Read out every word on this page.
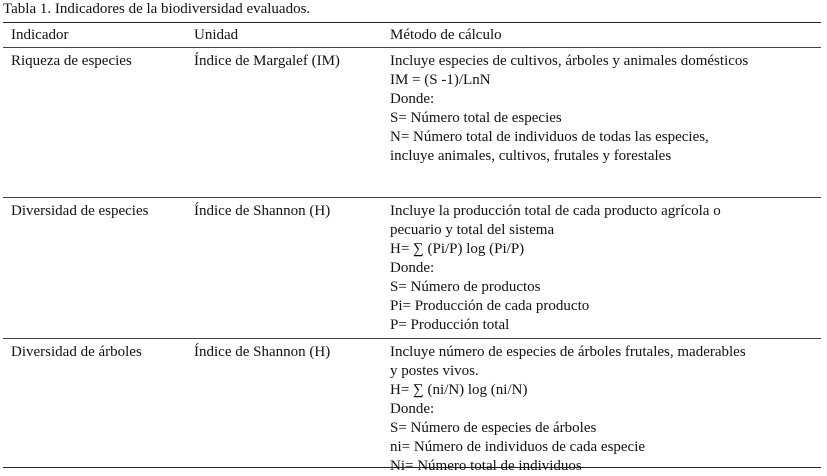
Tabla 1. Indicadores de la biodiversidad evaluados.
Indicador	Unidad	Método de cálculo
Riqueza de especies	Índice de Margalef (IM)	Incluye especies de cultivos, árboles y animales domésticos
IM = (S -1)/LnN
Donde:
S= Número total de especies
N= Número total de individuos de todas las especies,
incluye animales, cultivos, frutales y forestales
Diversidad de especies	Índice de Shannon (H)	Incluye la producción total de cada producto agrícola o
pecuario y total del sistema
H= ∑ (Pi/P) log (Pi/P)
Donde:
S= Número de productos
Pi= Producción de cada producto
P= Producción total
Diversidad de árboles	Índice de Shannon (H)	Incluye número de especies de árboles frutales, maderables
y postes vivos.
H= ∑ (ni/N) log (ni/N)
Donde:
S= Número de especies de árboles
ni= Número de individuos de cada especie
Ni= Número total de individuos
